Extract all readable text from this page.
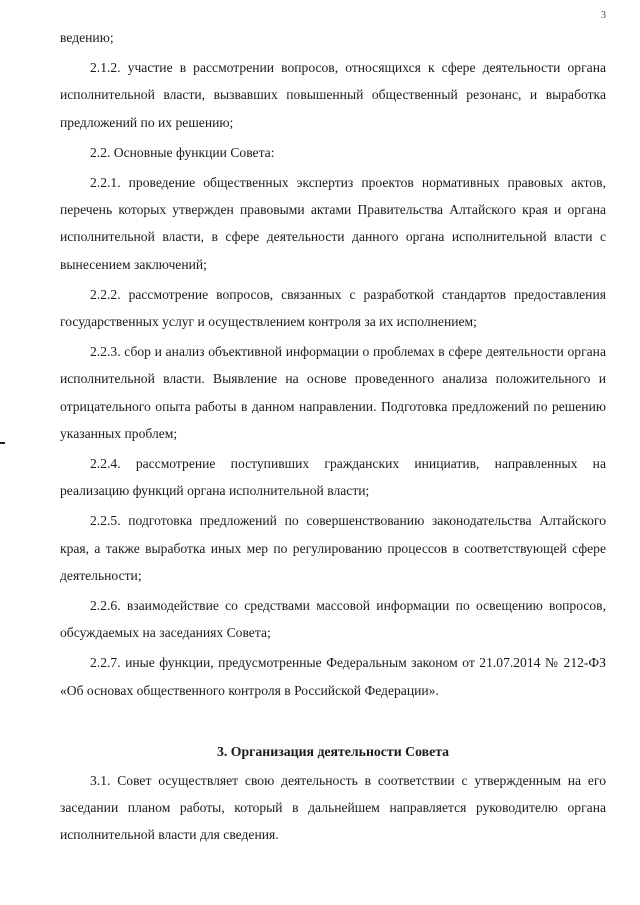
3

ведению;

2.1.2. участие в рассмотрении вопросов, относящихся к сфере деятельности органа исполнительной власти, вызвавших повышенный общественный резонанс, и выработка предложений по их решению;

2.2. Основные функции Совета:

2.2.1. проведение общественных экспертиз проектов нормативных правовых актов, перечень которых утвержден правовыми актами Правительства Алтайского края и органа исполнительной власти, в сфере деятельности данного органа исполнительной власти с вынесением заключений;

2.2.2. рассмотрение вопросов, связанных с разработкой стандартов предоставления государственных услуг и осуществлением контроля за их исполнением;

2.2.3. сбор и анализ объективной информации о проблемах в сфере деятельности органа исполнительной власти. Выявление на основе проведенного анализа положительного и отрицательного опыта работы в данном направлении. Подготовка предложений по решению указанных проблем;

2.2.4. рассмотрение поступивших гражданских инициатив, направленных на реализацию функций органа исполнительной власти;

2.2.5. подготовка предложений по совершенствованию законодательства Алтайского края, а также выработка иных мер по регулированию процессов в соответствующей сфере деятельности;

2.2.6. взаимодействие со средствами массовой информации по освещению вопросов, обсуждаемых на заседаниях Совета;

2.2.7. иные функции, предусмотренные Федеральным законом от 21.07.2014 № 212-ФЗ «Об основах общественного контроля в Российской Федерации».

3. Организация деятельности Совета

3.1. Совет осуществляет свою деятельность в соответствии с утвержденным на его заседании планом работы, который в дальнейшем направляется руководителю органа исполнительной власти для сведения.
